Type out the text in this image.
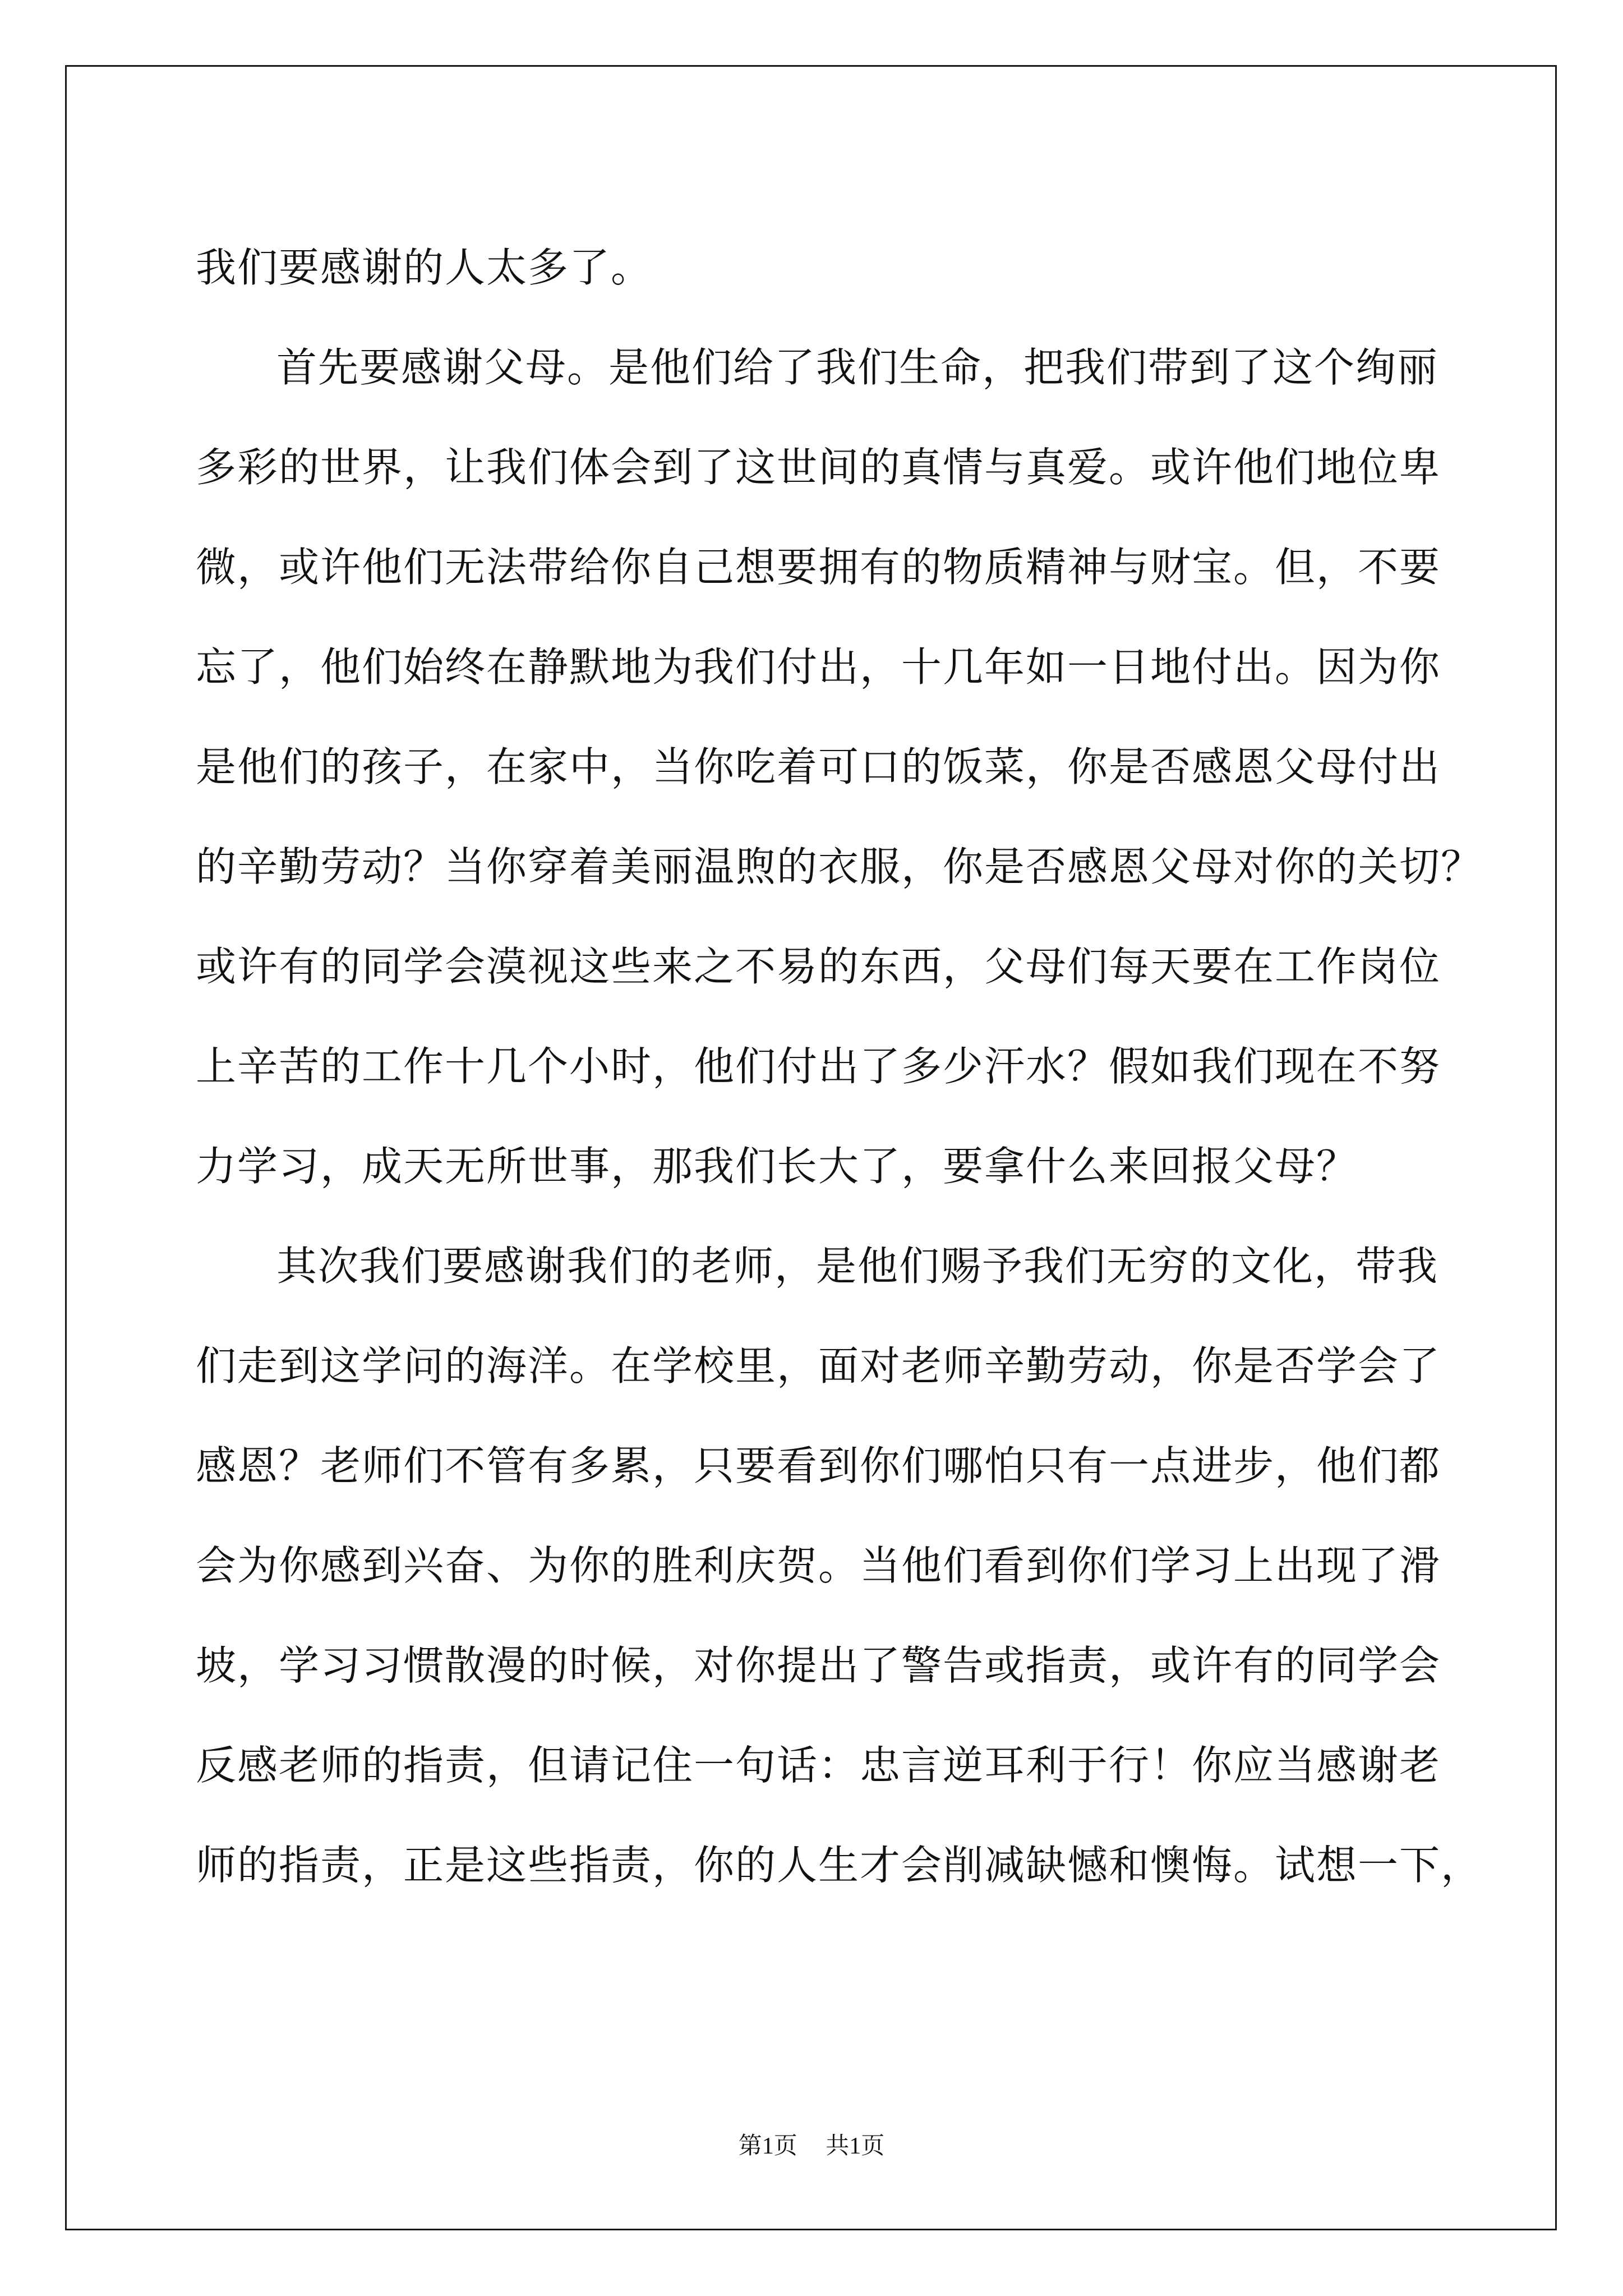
我们要感谢的人太多了。
首先要感谢父母。是他们给了我们生命，把我们带到了这个绚丽
多彩的世界，让我们体会到了这世间的真情与真爱。或许他们地位卑
微，或许他们无法带给你自己想要拥有的物质精神与财宝。但，不要
忘了，他们始终在静默地为我们付出，十几年如一日地付出。因为你
是他们的孩子，在家中，当你吃着可口的饭菜，你是否感恩父母付出
的辛勤劳动？当你穿着美丽温煦的衣服，你是否感恩父母对你的关切？
或许有的同学会漠视这些来之不易的东西，父母们每天要在工作岗位
上辛苦的工作十几个小时，他们付出了多少汗水？假如我们现在不努
力学习，成天无所世事，那我们长大了，要拿什么来回报父母？
其次我们要感谢我们的老师，是他们赐予我们无穷的文化，带我
们走到这学问的海洋。在学校里，面对老师辛勤劳动，你是否学会了
感恩？老师们不管有多累，只要看到你们哪怕只有一点进步，他们都
会为你感到兴奋、为你的胜利庆贺。当他们看到你们学习上出现了滑
坡，学习习惯散漫的时候，对你提出了警告或指责，或许有的同学会
反感老师的指责，但请记住一句话：忠言逆耳利于行！你应当感谢老
师的指责，正是这些指责，你的人生才会削减缺憾和懊悔。试想一下，
第1页 共1页
